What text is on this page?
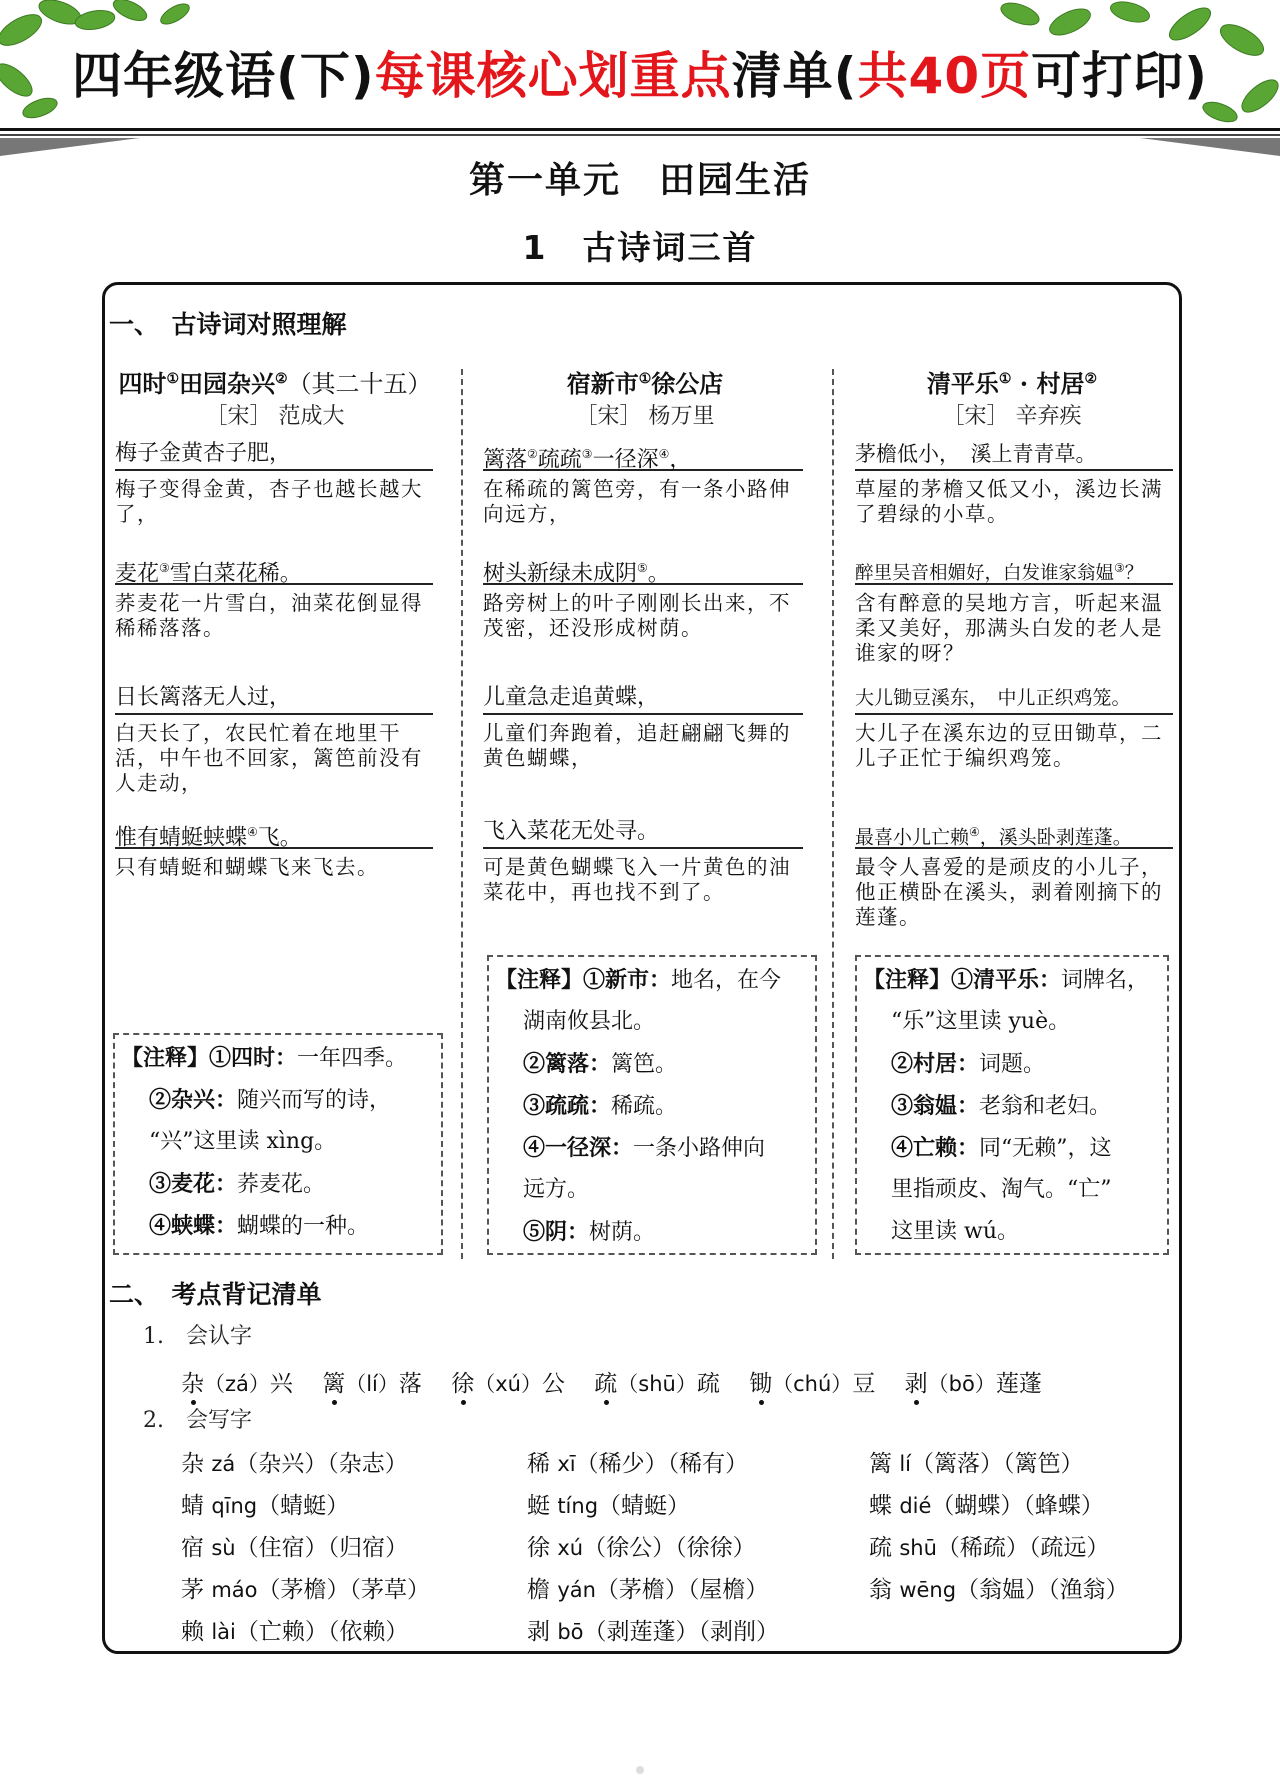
四年级语(下)每课核心划重点清单(共40页可打印)
第一单元　田园生活
1　古诗词三首
一、　古诗词对照理解
四时①田园杂兴②（其二十五）
［宋］ 范成大
梅子金黄杏子肥，
梅子变得金黄，杏子也越长越大了，
麦花③雪白菜花稀。
荞麦花一片雪白，油菜花倒显得稀稀落落。
日长篱落无人过，
白天长了，农民忙着在地里干活，中午也不回家，篱笆前没有人走动，
惟有蜻蜓蛱蝶④飞。
只有蜻蜓和蝴蝶飞来飞去。
【注释】①四时：一年四季。
②杂兴：随兴而写的诗，
“兴”这里读 xìng。
③麦花：荞麦花。
④蛱蝶：蝴蝶的一种。
宿新市①徐公店
［宋］ 杨万里
篱落②疏疏③一径深④，
在稀疏的篱笆旁，有一条小路伸向远方，
树头新绿未成阴⑤。
路旁树上的叶子刚刚长出来，不茂密，还没形成树荫。
儿童急走追黄蝶，
儿童们奔跑着，追赶翩翩飞舞的黄色蝴蝶，
飞入菜花无处寻。
可是黄色蝴蝶飞入一片黄色的油菜花中，再也找不到了。
【注释】①新市：地名，在今
湖南攸县北。
②篱落：篱笆。
③疏疏：稀疏。
④一径深：一条小路伸向
远方。
⑤阴：树荫。
清平乐① · 村居②
［宋］ 辛弃疾
茅檐低小，　溪上青青草。
草屋的茅檐又低又小，溪边长满了碧绿的小草。
醉里吴音相媚好，白发谁家翁媪③？
含有醉意的吴地方言，听起来温柔又美好，那满头白发的老人是谁家的呀？
大儿锄豆溪东，　中儿正织鸡笼。
大儿子在溪东边的豆田锄草，二儿子正忙于编织鸡笼。
最喜小儿亡赖④，溪头卧剥莲蓬。
最令人喜爱的是顽皮的小儿子，他正横卧在溪头，剥着刚摘下的莲蓬。
【注释】①清平乐：词牌名，
“乐”这里读 yuè。
②村居：词题。
③翁媪：老翁和老妇。
④亡赖：同“无赖”，这
里指顽皮、淘气。“亡”
这里读 wú。
二、　考点背记清单
1.　会认字
杂（zá）兴 篱（lí）落 徐（xú）公 疏（shū）疏 锄（chú）豆 剥（bō）莲蓬
2.　会写字
杂 zá（杂兴）（杂志）	稀 xī（稀少）（稀有）	篱 lí（篱落）（篱笆）
蜻 qīng（蜻蜓）	蜓 tíng（蜻蜓）	蝶 dié（蝴蝶）（蜂蝶）
宿 sù（住宿）（归宿）	徐 xú（徐公）（徐徐）	疏 shū（稀疏）（疏远）
茅 máo（茅檐）（茅草）	檐 yán（茅檐）（屋檐）	翁 wēng（翁媪）（渔翁）
赖 lài（亡赖）（依赖）	剥 bō（剥莲蓬）（剥削）
